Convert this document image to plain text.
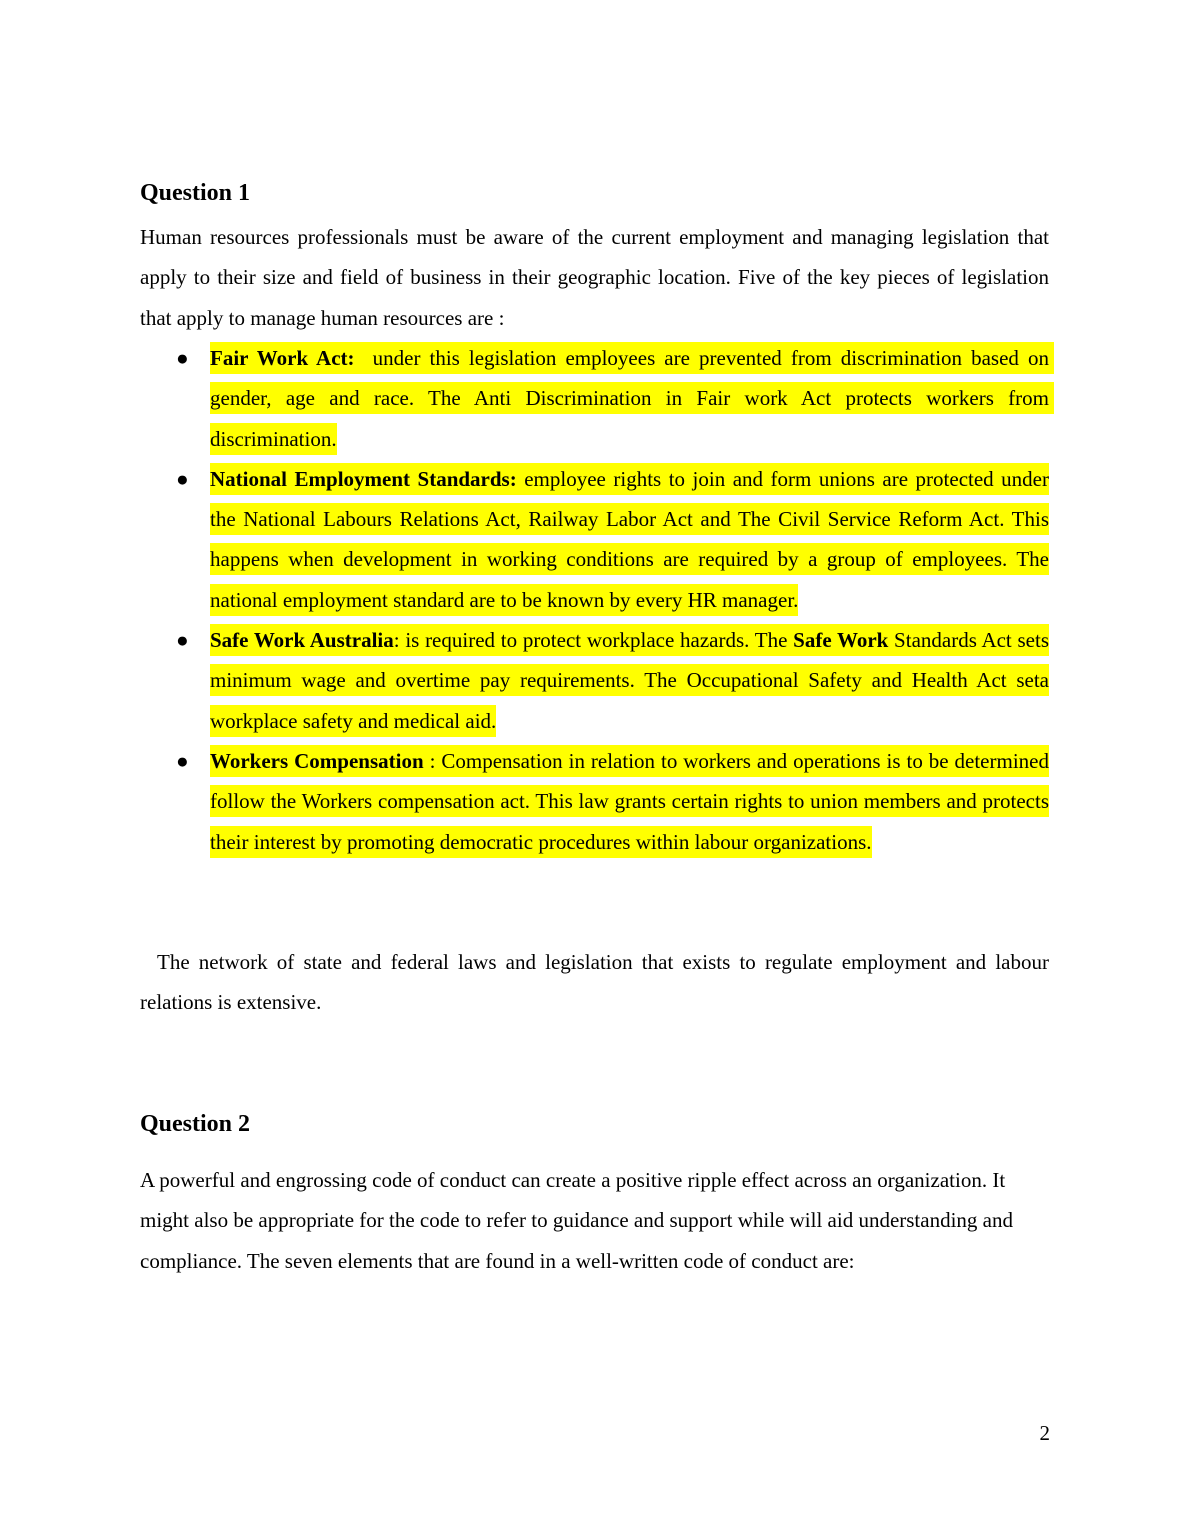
Question 1

Human resources professionals must be aware of the current employment and managing legislation that apply to their size and field of business in their geographic location. Five of the key pieces of legislation that apply to manage human resources are :

● Fair Work Act:  under this legislation employees are prevented from discrimination based on gender, age and race. The Anti Discrimination in Fair work Act protects workers from discrimination.
● National Employment Standards: employee rights to join and form unions are protected under the National Labours Relations Act, Railway Labor Act and The Civil Service Reform Act. This happens when development in working conditions are required by a group of employees. The national employment standard are to be known by every HR manager.
● Safe Work Australia: is required to protect workplace hazards. The Safe Work Standards Act sets minimum wage and overtime pay requirements. The Occupational Safety and Health Act seta workplace safety and medical aid.
● Workers Compensation : Compensation in relation to workers and operations is to be determined follow the Workers compensation act. This law grants certain rights to union members and protects their interest by promoting democratic procedures within labour organizations.

The network of state and federal laws and legislation that exists to regulate employment and labour relations is extensive.

Question 2

A powerful and engrossing code of conduct can create a positive ripple effect across an organization. It might also be appropriate for the code to refer to guidance and support while will aid understanding and compliance. The seven elements that are found in a well-written code of conduct are:

2
